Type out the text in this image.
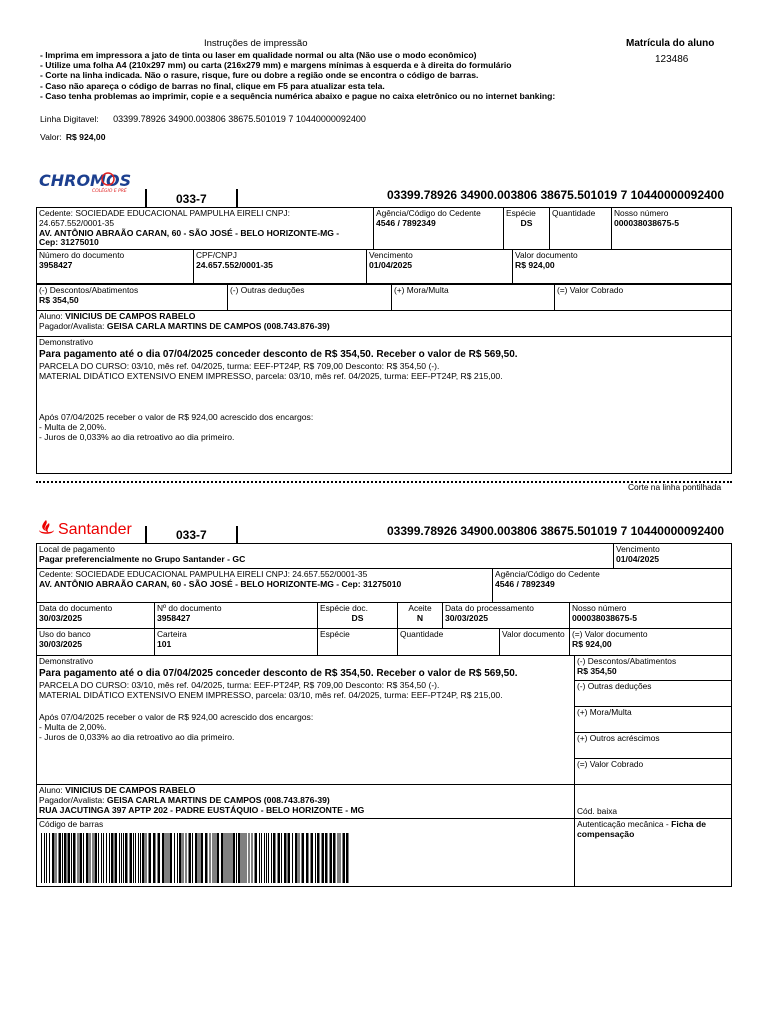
Instruções de impressão
- Imprima em impressora a jato de tinta ou laser em qualidade normal ou alta (Não use o modo econômico)
- Utilize uma folha A4 (210x297 mm) ou carta (216x279 mm) e margens mínimas à esquerda e à direita do formulário
- Corte na linha indicada. Não o rasure, risque, fure ou dobre a região onde se encontra o código de barras.
- Caso não apareça o código de barras no final, clique em F5 para atualizar esta tela.
- Caso tenha problemas ao imprimir, copie e a sequência numérica abaixo e pague no caixa eletrônico ou no internet banking:
Matrícula do aluno
123486
Linha Digitavel: 03399.78926 34900.003806 38675.501019 7 10440000092400
Valor: R$ 924,00
CHROMOS
COLÉGIO E PRÉ
033-7	03399.78926 34900.003806 38675.501019 7 10440000092400
Cedente: SOCIEDADE EDUCACIONAL PAMPULHA EIRELI CNPJ:
24.657.552/0001-35
AV. ANTÔNIO ABRAÃO CARAN, 60 - SÃO JOSÉ - BELO HORIZONTE-MG -
Cep: 31275010	
Agência/Código do Cedente
4546 / 7892349

Espécie
DS

Quantidade	Nosso número
000038038675-5
Número do documento
3958427

CPF/CNPJ
24.657.552/0001-35

Vencimento
01/04/2025

Valor documento
R$ 924,00
(-) Descontos/Abatimentos
R$ 354,50

(-) Outras deduções	(+) Mora/Multa	(=) Valor Cobrado
Aluno: VINICIUS DE CAMPOS RABELO
Pagador/Avalista: GEISA CARLA MARTINS DE CAMPOS (008.743.876-39)
Demonstrativo
Para pagamento até o dia 07/04/2025 conceder desconto de R$ 354,50. Receber o valor de R$ 569,50.
PARCELA DO CURSO: 03/10, mês ref. 04/2025, turma: EEF-PT24P, R$ 709,00 Desconto: R$ 354,50 (-).
MATERIAL DIDÁTICO EXTENSIVO ENEM IMPRESSO, parcela: 03/10, mês ref. 04/2025, turma: EEF-PT24P, R$ 215,00.
Após 07/04/2025 receber o valor de R$ 924,00 acrescido dos encargos:
- Multa de 2,00%.
- Juros de 0,033% ao dia retroativo ao dia primeiro.
Corte na linha pontilhada
Santander	033-7	03399.78926 34900.003806 38675.501019 7 10440000092400
Local de pagamento
Pagar preferencialmente no Grupo Santander - GC

Vencimento
01/04/2025
Cedente: SOCIEDADE EDUCACIONAL PAMPULHA EIRELI CNPJ: 24.657.552/0001-35
AV. ANTÔNIO ABRAÃO CARAN, 60 - SÃO JOSÉ - BELO HORIZONTE-MG - Cep: 31275010

Agência/Código do Cedente
4546 / 7892349
Data do documento
30/03/2025

Nº do documento
3958427

Espécie doc.
DS

Aceite
N

Data do processamento
30/03/2025

Nosso número
000038038675-5
Uso do banco
30/03/2025

Carteira
101

Espécie	Quantidade	Valor documento	(=) Valor documento
R$ 924,00
Demonstrativo
Para pagamento até o dia 07/04/2025 conceder desconto de R$ 354,50. Receber o valor de R$ 569,50.
PARCELA DO CURSO: 03/10, mês ref. 04/2025, turma: EEF-PT24P, R$ 709,00 Desconto: R$ 354,50 (-).
MATERIAL DIDÁTICO EXTENSIVO ENEM IMPRESSO, parcela: 03/10, mês ref. 04/2025, turma: EEF-PT24P, R$ 215,00.
Após 07/04/2025 receber o valor de R$ 924,00 acrescido dos encargos:
- Multa de 2,00%.
- Juros de 0,033% ao dia retroativo ao dia primeiro.

(-) Descontos/Abatimentos
R$ 354,50

(-) Outras deduções

(+) Mora/Multa

(+) Outros acréscimos

(=) Valor Cobrado
Aluno: VINICIUS DE CAMPOS RABELO
Pagador/Avalista: GEISA CARLA MARTINS DE CAMPOS (008.743.876-39)
RUA JACUTINGA 397 APTP 202 - PADRE EUSTÁQUIO - BELO HORIZONTE - MG	Cód. baixa
Código de barras	Autenticação mecânica - Ficha de compensação
